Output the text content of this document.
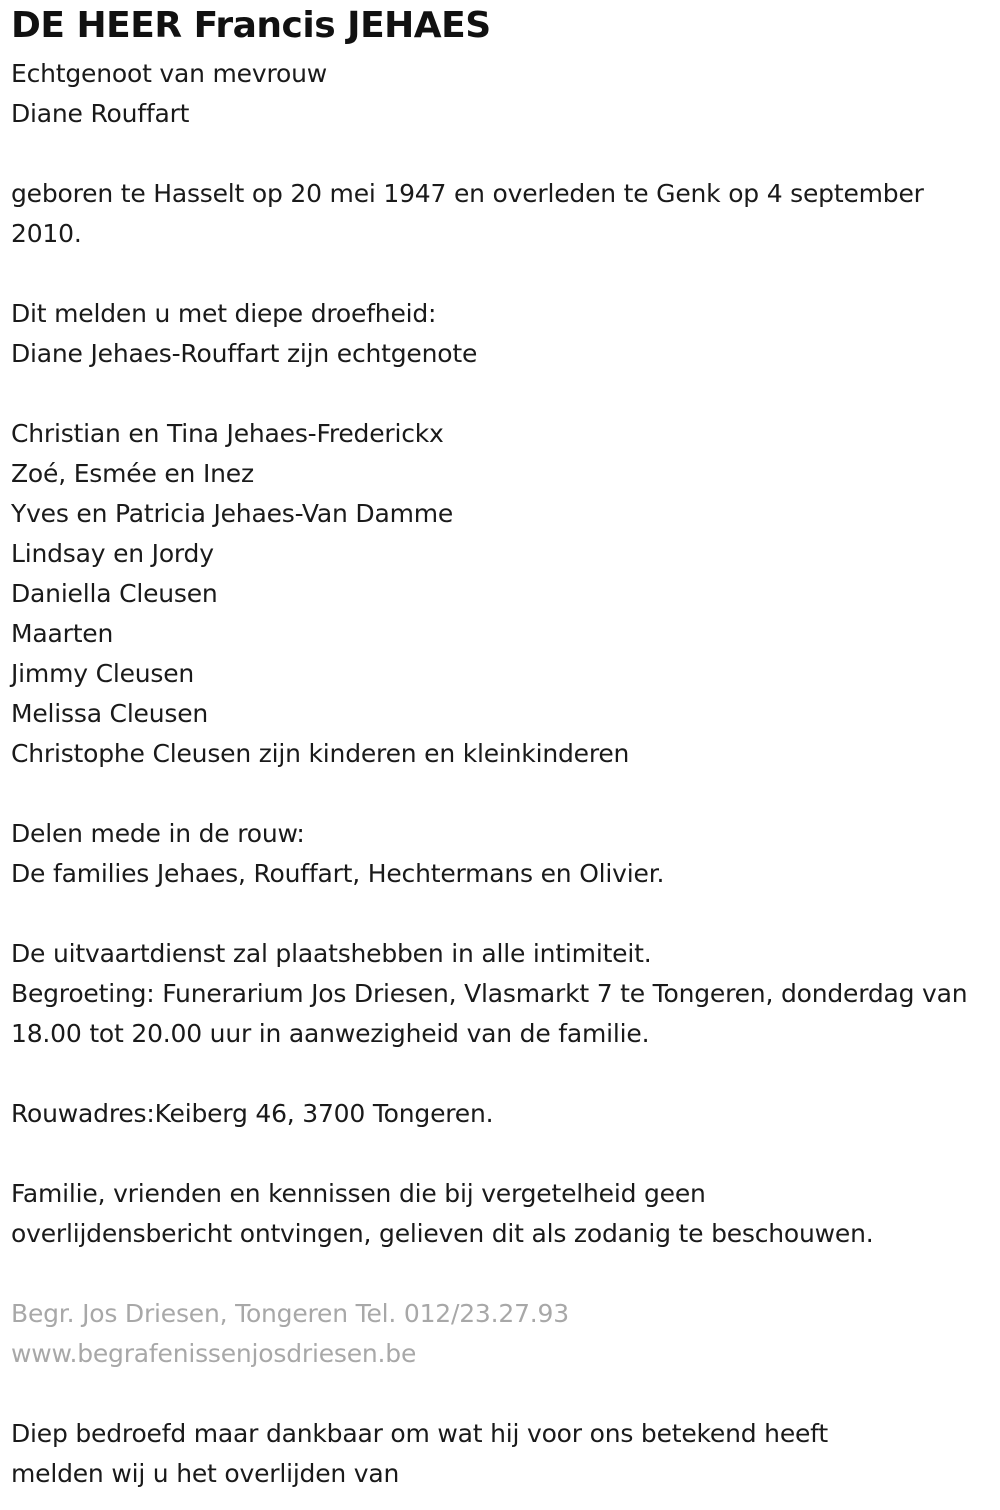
DE HEER Francis JEHAES
Echtgenoot van mevrouw
Diane Rouffart
geboren te Hasselt op 20 mei 1947 en overleden te Genk op 4 september 2010.
Dit melden u met diepe droefheid:
Diane Jehaes-Rouffart zijn echtgenote
Christian en Tina Jehaes-Frederickx
Zoé, Esmée en Inez
Yves en Patricia Jehaes-Van Damme
Lindsay en Jordy
Daniella Cleusen
Maarten
Jimmy Cleusen
Melissa Cleusen
Christophe Cleusen zijn kinderen en kleinkinderen
Delen mede in de rouw:
De families Jehaes, Rouffart, Hechtermans en Olivier.
De uitvaartdienst zal plaatshebben in alle intimiteit.
Begroeting: Funerarium Jos Driesen, Vlasmarkt 7 te Tongeren, donderdag van 18.00 tot 20.00 uur in aanwezigheid van de familie.
Rouwadres:Keiberg 46, 3700 Tongeren.
Familie, vrienden en kennissen die bij vergetelheid geen overlijdensbericht ontvingen, gelieven dit als zodanig te beschouwen.
Begr. Jos Driesen, Tongeren Tel. 012/23.27.93
www.begrafenissenjosdriesen.be
Diep bedroefd maar dankbaar om wat hij voor ons betekend heeft melden wij u het overlijden van
